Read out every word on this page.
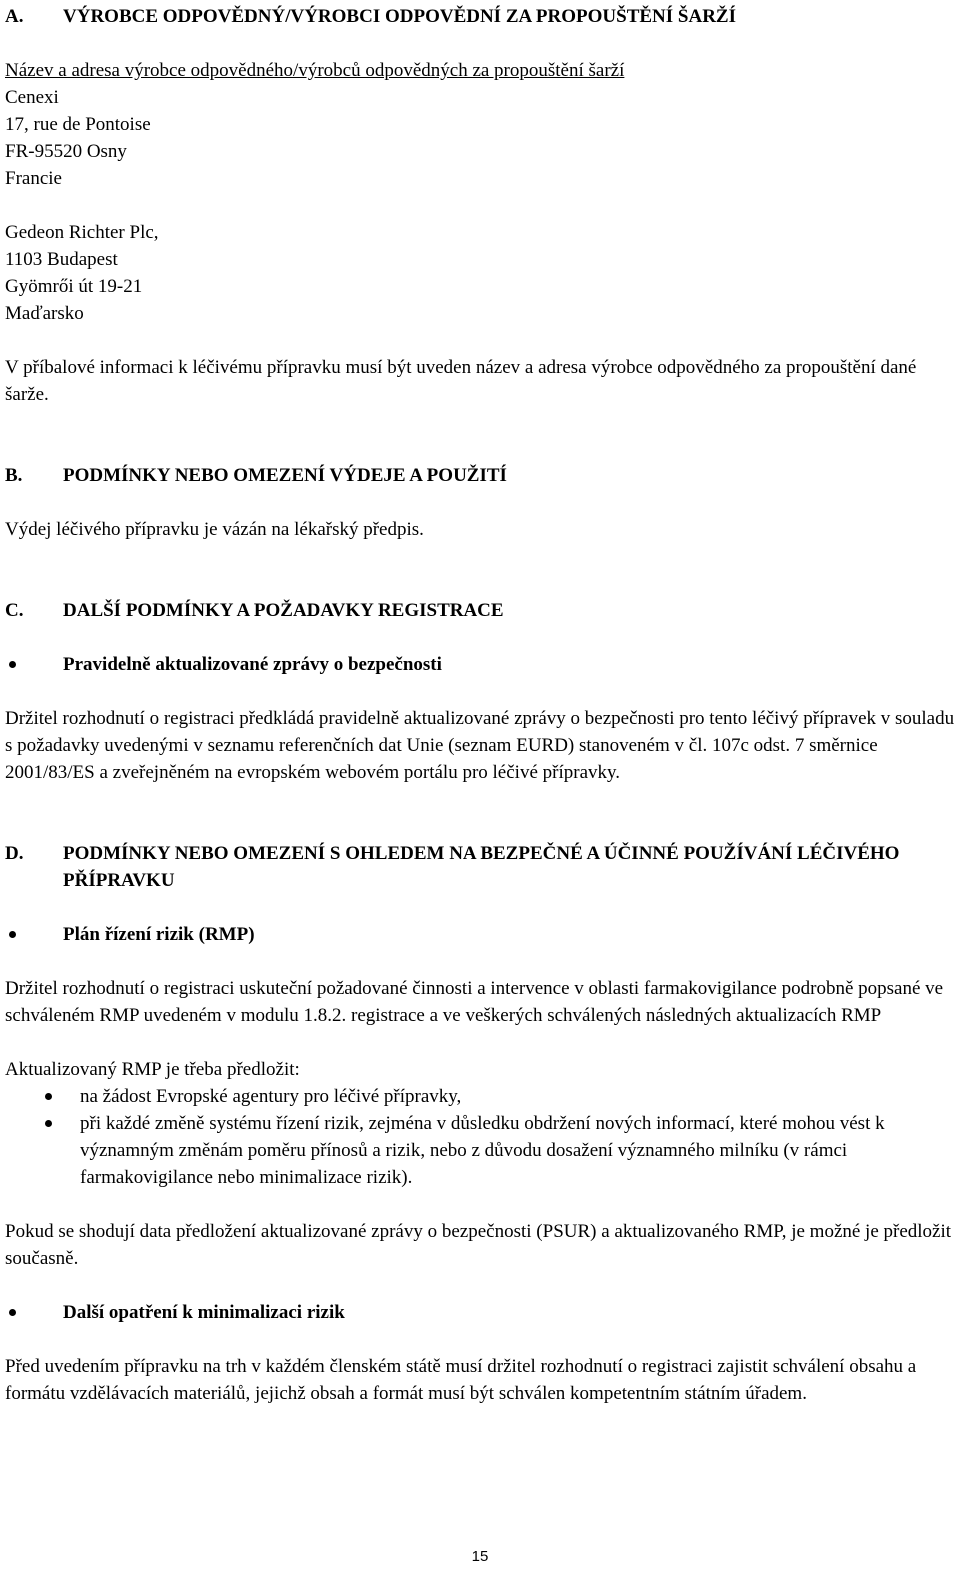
A.	VÝROBCE ODPOVĚDNÝ/VÝROBCI ODPOVĚDNÍ ZA PROPOUŠTĚNÍ ŠARŽÍ

Název a adresa výrobce odpovědného/výrobců odpovědných za propouštění šarží

Cenexi

17, rue de Pontoise

FR-95520 Osny

Francie

Gedeon Richter Plc,

1103 Budapest

Gyömrői út 19-21

Maďarsko

V příbalové informaci k léčivému přípravku musí být uveden název a adresa výrobce odpovědného za propouštění dané šarže.

B.	PODMÍNKY NEBO OMEZENÍ VÝDEJE A POUŽITÍ

Výdej léčivého přípravku je vázán na lékařský předpis.

C.	DALŠÍ PODMÍNKY A POŽADAVKY REGISTRACE
Pravidelně aktualizované zprávy o bezpečnosti

Držitel rozhodnutí o registraci předkládá pravidelně aktualizované zprávy o bezpečnosti pro tento léčivý přípravek v souladu s požadavky uvedenými v seznamu referenčních dat Unie (seznam EURD) stanoveném v čl. 107c odst. 7 směrnice 2001/83/ES a zveřejněném na evropském webovém portálu pro léčivé přípravky.

D.	PODMÍNKY NEBO OMEZENÍ S OHLEDEM NA BEZPEČNÉ A ÚČINNÉ POUŽÍVÁNÍ LÉČIVÉHO PŘÍPRAVKU
Plán řízení rizik (RMP)

Držitel rozhodnutí o registraci uskuteční požadované činnosti a intervence v oblasti farmakovigilance podrobně popsané ve schváleném RMP uvedeném v modulu 1.8.2. registrace a ve veškerých schválených následných aktualizacích RMP

Aktualizovaný RMP je třeba předložit:

na žádost Evropské agentury pro léčivé přípravky,
při každé změně systému řízení rizik, zejména v důsledku obdržení nových informací, které mohou vést k významným změnám poměru přínosů a rizik, nebo z důvodu dosažení významného milníku (v rámci farmakovigilance nebo minimalizace rizik).

Pokud se shodují data předložení aktualizované zprávy o bezpečnosti (PSUR) a aktualizovaného RMP, je možné je předložit současně.

Další opatření k minimalizaci rizik

Před uvedením přípravku na trh v každém členském státě musí držitel rozhodnutí o registraci zajistit schválení obsahu a formátu vzdělávacích materiálů, jejichž obsah a formát musí být schválen kompetentním státním úřadem.

15
